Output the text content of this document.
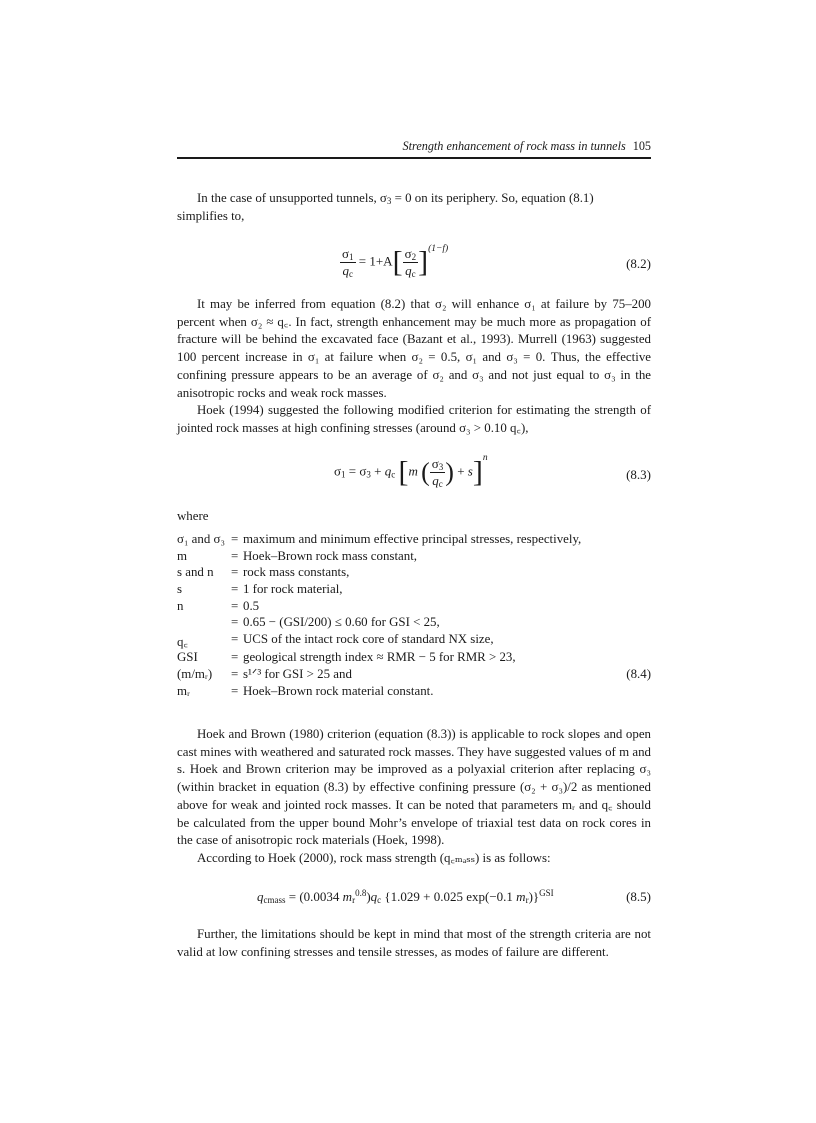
Strength enhancement of rock mass in tunnels 105

In the case of unsupported tunnels, $\sigma_3 = 0$ on its periphery. So, equation (8.1)

simplifies to,

$\frac{\sigma_1}{q_c} = 1+A[ \frac{\sigma_2}{q_c} ]^{(1-f)}$
(8.2)

It may be inferred from equation (8.2) that σ₂ will enhance σ₁ at failure by 75–200 percent when σ₂ ≈ q꜀. In fact, strength enhancement may be much more as propagation of fracture will be behind the excavated face (Bazant et al., 1993). Murrell (1963) suggested 100 percent increase in σ₁ at failure when σ₂ = 0.5, σ₁ and σ₃ = 0. Thus, the effective confining pressure appears to be an average of σ₂ and σ₃ and not just equal to σ₃ in the anisotropic rocks and weak rock masses.

Hoek (1994) suggested the following modified criterion for estimating the strength of jointed rock masses at high confining stresses (around σ₃ > 0.10 q꜀),

$\sigma_1 = \sigma_3 + q_c$ [m ( $\frac{\sigma_3}{q_c}$ ) + s]$^n$
(8.3)

where

σ₁ and σ₃	=	maximum and minimum effective principal stresses, respectively,	
m	=	Hoek–Brown rock mass constant,	
s and n	=	rock mass constants,	
s	=	1 for rock material,	
n	=	0.5	
	=	0.65 − (GSI/200) ≤ 0.60 for GSI < 25,	
q꜀	=	UCS of the intact rock core of standard NX size,	
GSI	=	geological strength index ≈ RMR − 5 for RMR > 23,	
(m/mᵣ)	=	s¹ᐟ³ for GSI > 25 and	(8.4)
mᵣ	=	Hoek–Brown rock material constant.	

Hoek and Brown (1980) criterion (equation (8.3)) is applicable to rock slopes and open cast mines with weathered and saturated rock masses. They have suggested values of m and s. Hoek and Brown criterion may be improved as a polyaxial criterion after replacing σ₃ (within bracket in equation (8.3) by effective confining pressure (σ₂ + σ₃)/2 as mentioned above for weak and jointed rock masses. It can be noted that parameters mᵣ and q꜀ should be calculated from the upper bound Mohr’s envelope of triaxial test data on rock cores in the case of anisotropic rock materials (Hoek, 1998).

According to Hoek (2000), rock mass strength (q꜀ₘₐₛₛ) is as follows:

$q_{cmass} = (0.0034$ $m_r^{0.8})q_c$ {1.029 + 0.025 exp(−0.1 $m_r)\}^{GSI}$	(8.5)

Further, the limitations should be kept in mind that most of the strength criteria are not valid at low confining stresses and tensile stresses, as modes of failure are different.
